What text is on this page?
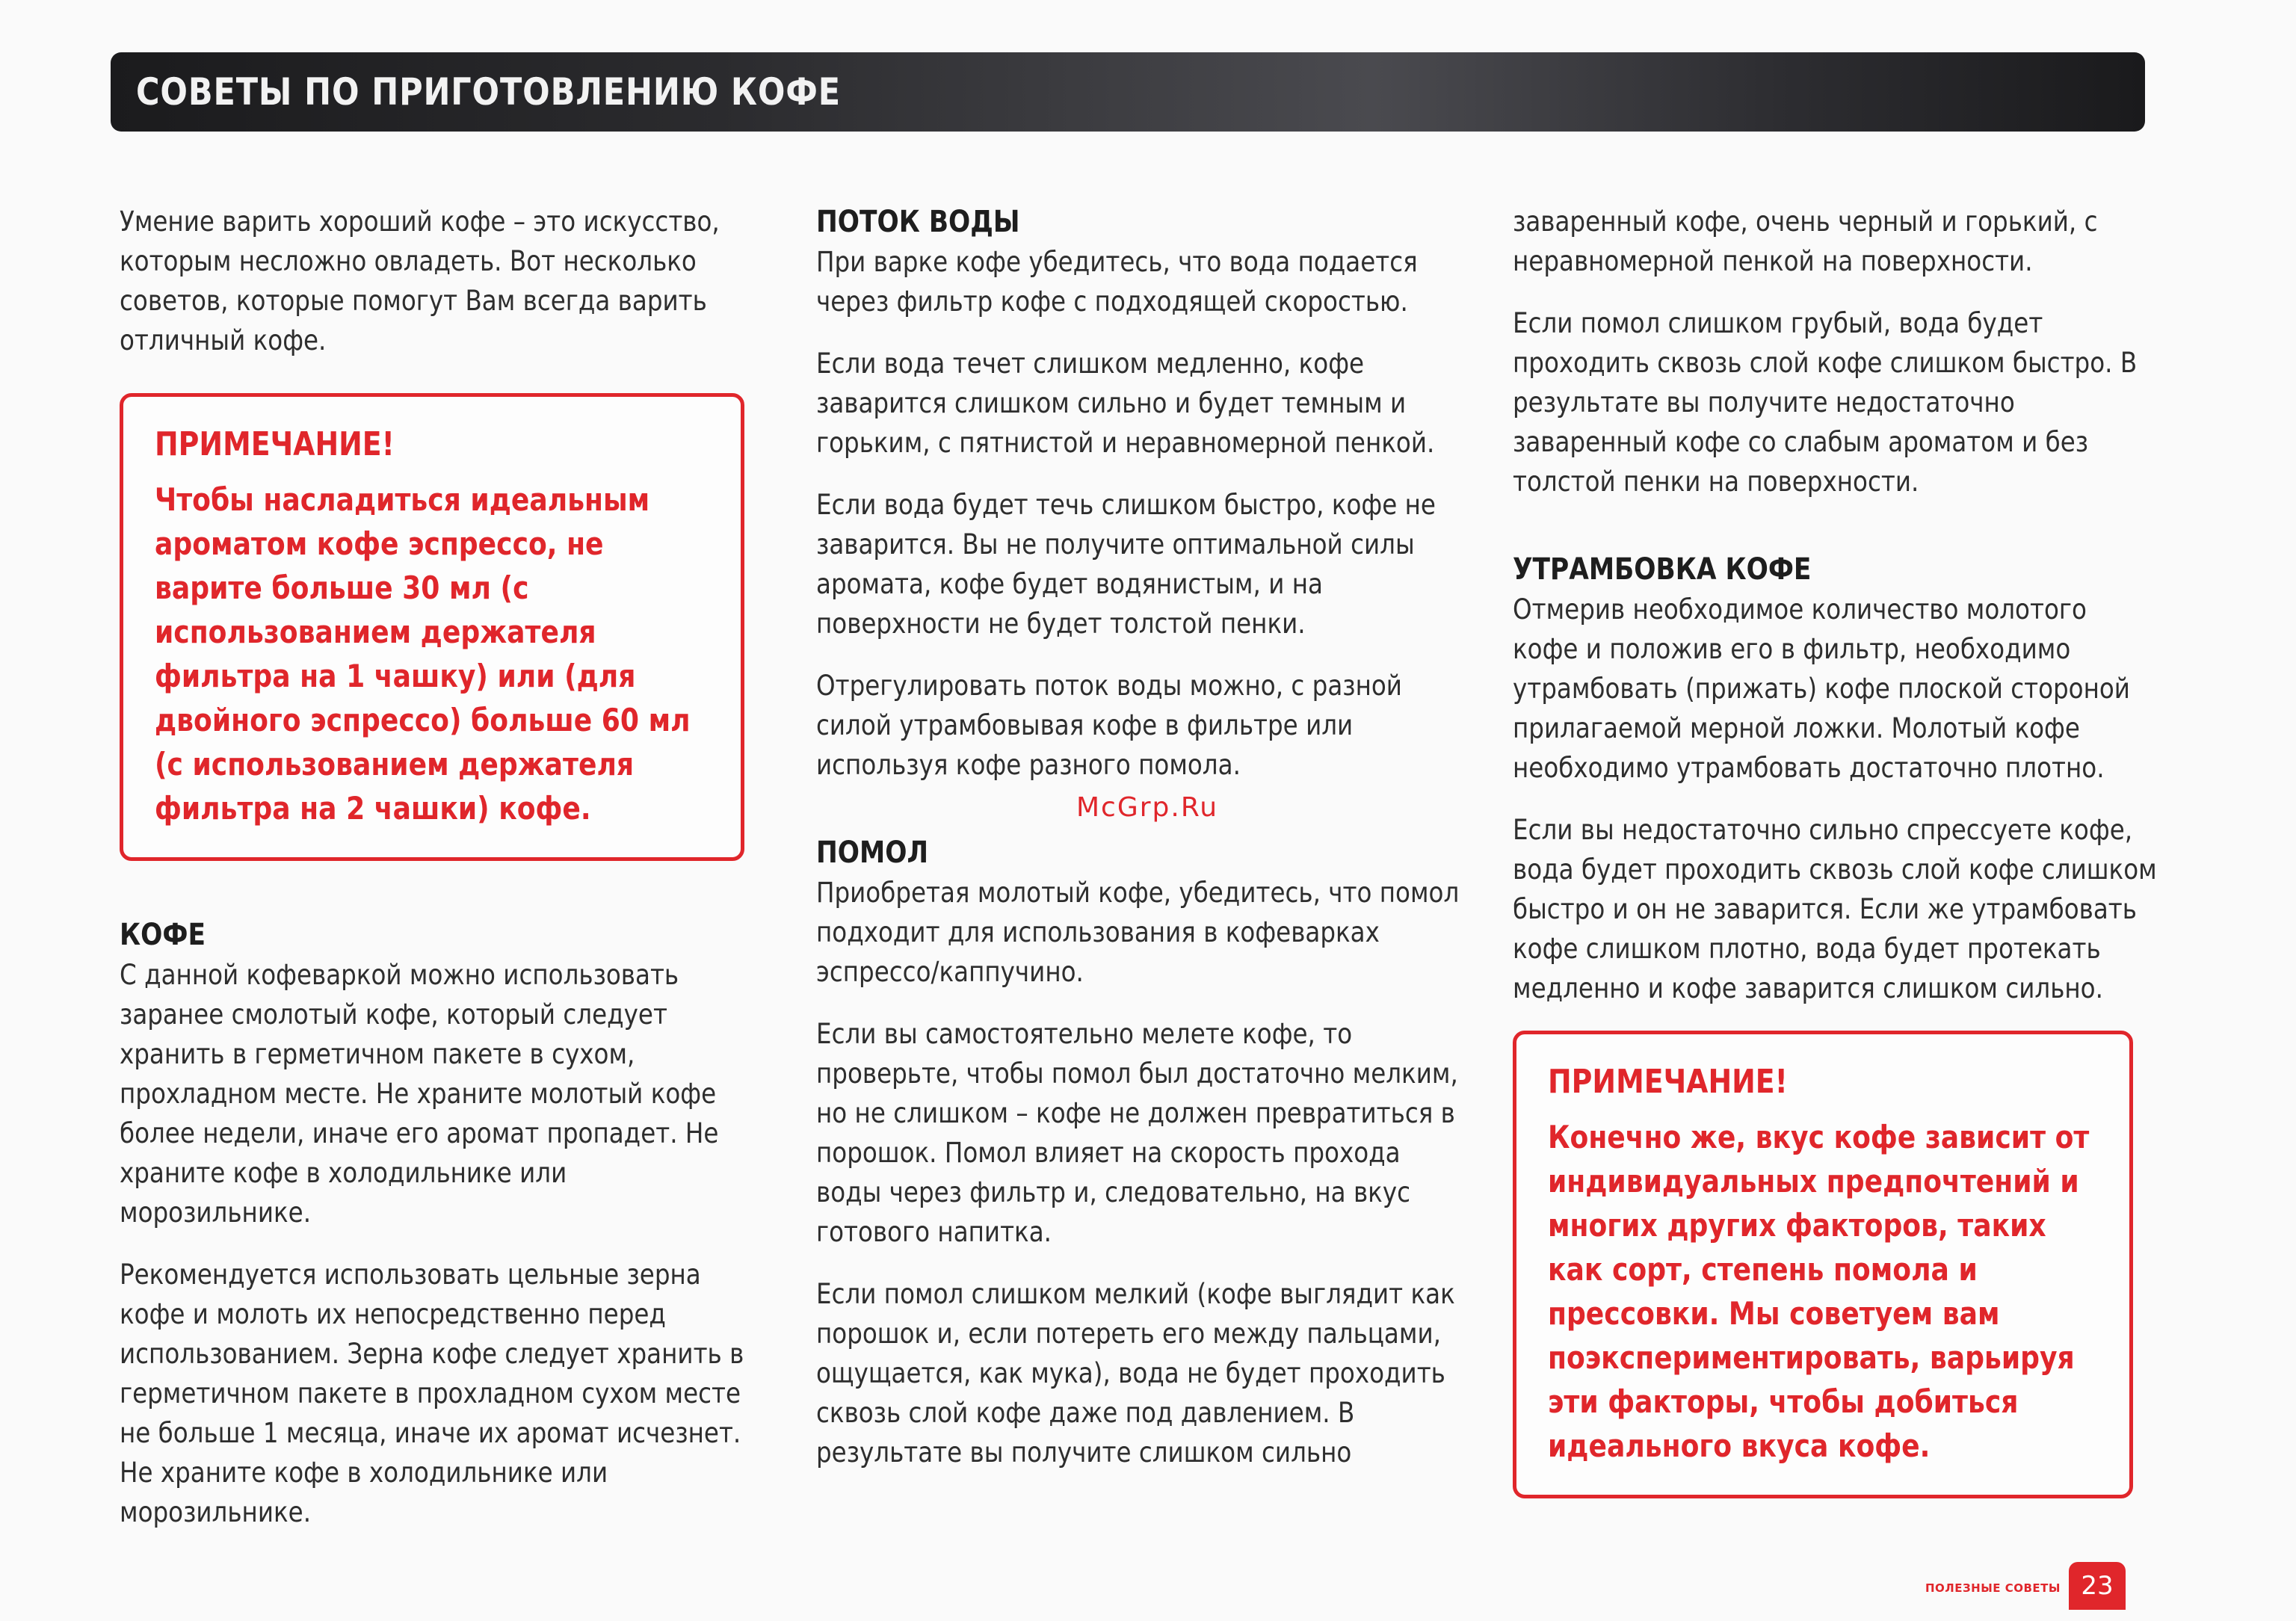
СОВЕТЫ ПО ПРИГОТОВЛЕНИЮ КОФЕ

Умение варить хороший кофе – это искусство, которым несложно овладеть. Вот несколько советов, которые помогут Вам всегда варить отличный кофе.

ПРИМЕЧАНИЕ!
Чтобы насладиться идеальным ароматом кофе эспрессо, не варите больше 30 мл (с использованием держателя фильтра на 1 чашку) или (для двойного эспрессо) больше 60 мл (с использованием держателя фильтра на 2 чашки) кофе.
КОФЕ

С данной кофеваркой можно использовать заранее смолотый кофе, который следует хранить в герметичном пакете в сухом, прохладном месте. Не храните молотый кофе более недели, иначе его аромат пропадет. Не храните кофе в холодильнике или морозильнике.

Рекомендуется использовать цельные зерна кофе и молоть их непосредственно перед использованием. Зерна кофе следует хранить в герметичном пакете в прохладном сухом месте не больше 1 месяца, иначе их аромат исчезнет. Не храните кофе в холодильнике или морозильнике.

ПОТОК ВОДЫ

При варке кофе убедитесь, что вода подается через фильтр кофе с подходящей скоростью.

Если вода течет слишком медленно, кофе заварится слишком сильно и будет темным и горьким, с пятнистой и неравномерной пенкой.

Если вода будет течь слишком быстро, кофе не заварится. Вы не получите оптимальной силы аромата, кофе будет водянистым, и на поверхности не будет толстой пенки.

Отрегулировать поток воды можно, с разной силой утрамбовывая кофе в фильтре или используя кофе разного помола.

ПОМОЛ

Приобретая молотый кофе, убедитесь, что помол подходит для использования в кофеварках эспрессо/каппучино.

Если вы самостоятельно мелете кофе, то проверьте, чтобы помол был достаточно мелким, но не слишком – кофе не должен превратиться в порошок. Помол влияет на скорость прохода воды через фильтр и, следовательно, на вкус готового напитка.

Если помол слишком мелкий (кофе выглядит как порошок и, если потереть его между пальцами, ощущается, как мука), вода не будет проходить сквозь слой кофе даже под давлением. В результате вы получите слишком сильно

заваренный кофе, очень черный и горький, с неравномерной пенкой на поверхности.

Если помол слишком грубый, вода будет проходить сквозь слой кофе слишком быстро. В результате вы получите недостаточно заваренный кофе со слабым ароматом и без толстой пенки на поверхности.

УТРАМБОВКА КОФЕ

Отмерив необходимое количество молотого кофе и положив его в фильтр, необходимо утрамбовать (прижать) кофе плоской стороной прилагаемой мерной ложки. Молотый кофе необходимо утрамбовать достаточно плотно.

Если вы недостаточно сильно спрессуете кофе, вода будет проходить сквозь слой кофе слишком быстро и он не заварится. Если же утрамбовать кофе слишком плотно, вода будет протекать медленно и кофе заварится слишком сильно.

ПРИМЕЧАНИЕ!
Конечно же, вкус кофе зависит от индивидуальных предпочтений и многих других факторов, таких как сорт, степень помола и прессовки. Мы советуем вам поэкспериментировать, варьируя эти факторы, чтобы добиться идеального вкуса кофе.
McGrp.Ru
ПОЛЕЗНЫЕ СОВЕТЫ 23
